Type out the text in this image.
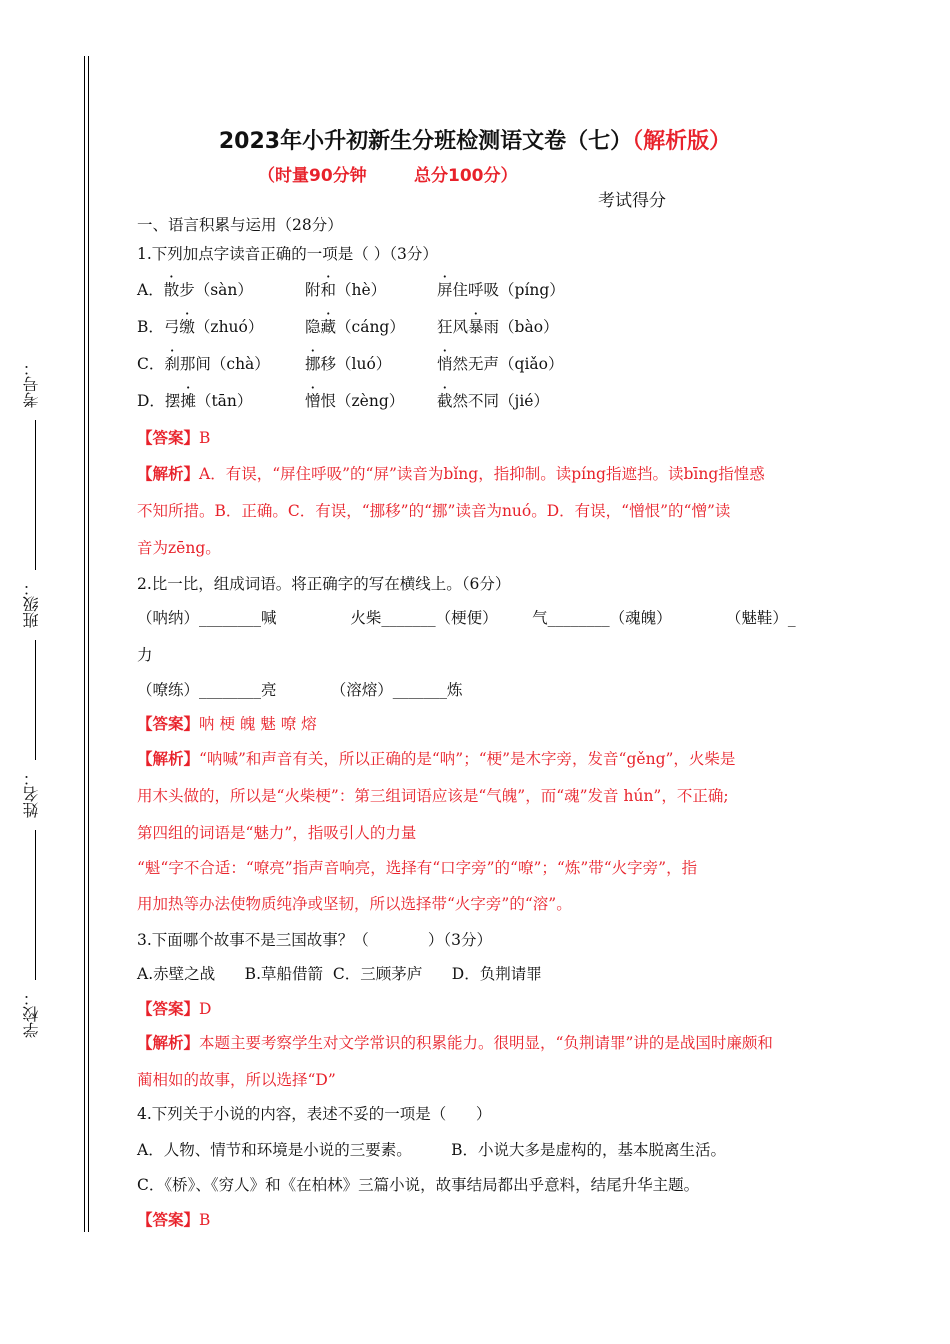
考号：
班级：
姓名：
学校：
2023年小升初新生分班检测语文卷（七）（解析版）
（时量90分钟        总分100分）
考试得分
一、语言积累与运用（28分）
1.下列加点字读音正确的一项是（ ）（3分）
A．散步（sàn）	附和（hè）	屏住呼吸（píng）
B．弓缴（zhuó）	隐藏（cáng） 狂风暴雨（bào）
C．刹那间（chà） 挪移（luó）	悄然无声（qiǎo）
D．摆摊（tān）	憎恨（zèng） 截然不同（jié）
【答案】B
【解析】A．有误，“屏住呼吸”的“屏”读音为bǐng，指抑制。读píng指遮挡。读bīng指惶惑
不知所措。B．正确。C．有误，“挪移”的“挪”读音为nuó。D．有误，“憎恨”的“憎”读
音为zēng。
2.比一比，组成词语。将正确字的写在横线上。（6分）
（呐纳）________喊               火柴_______（梗便）       气________（魂魄）           （魅鞋）_
力
（嘹练）________亮           （溶熔）_______炼
【答案】呐 梗 魄 魅 嘹 熔
【解析】“呐喊”和声音有关，所以正确的是“呐”；“梗”是木字旁，发音“gěng”，火柴是
用木头做的，所以是“火柴梗”：第三组词语应该是“气魄”，而“魂”发音 hún”，不正确;
第四组的词语是“魅力”，指吸引人的力量
“魁“字不合适：“嘹亮”指声音响亮，选择有“口字旁”的“嘹”；“炼”带“火字旁”，指
用加热等办法使物质纯净或坚韧，所以选择带“火字旁”的“溶”。
3.下面哪个故事不是三国故事？（            ）（3分）
A.赤壁之战      B.草船借箭  C．三顾茅庐      D．负荆请罪
【答案】D
【解析】本题主要考察学生对文学常识的积累能力。很明显，“负荆请罪”讲的是战国时廉颇和
蔺相如的故事，所以选择“D”
4.下列关于小说的内容，表述不妥的一项是（      ）
A．人物、情节和环境是小说的三要素。        B．小说大多是虚构的，基本脱离生活。
C．《桥》、《穷人》和《在柏林》三篇小说，故事结局都出乎意料，结尾升华主题。
【答案】B
